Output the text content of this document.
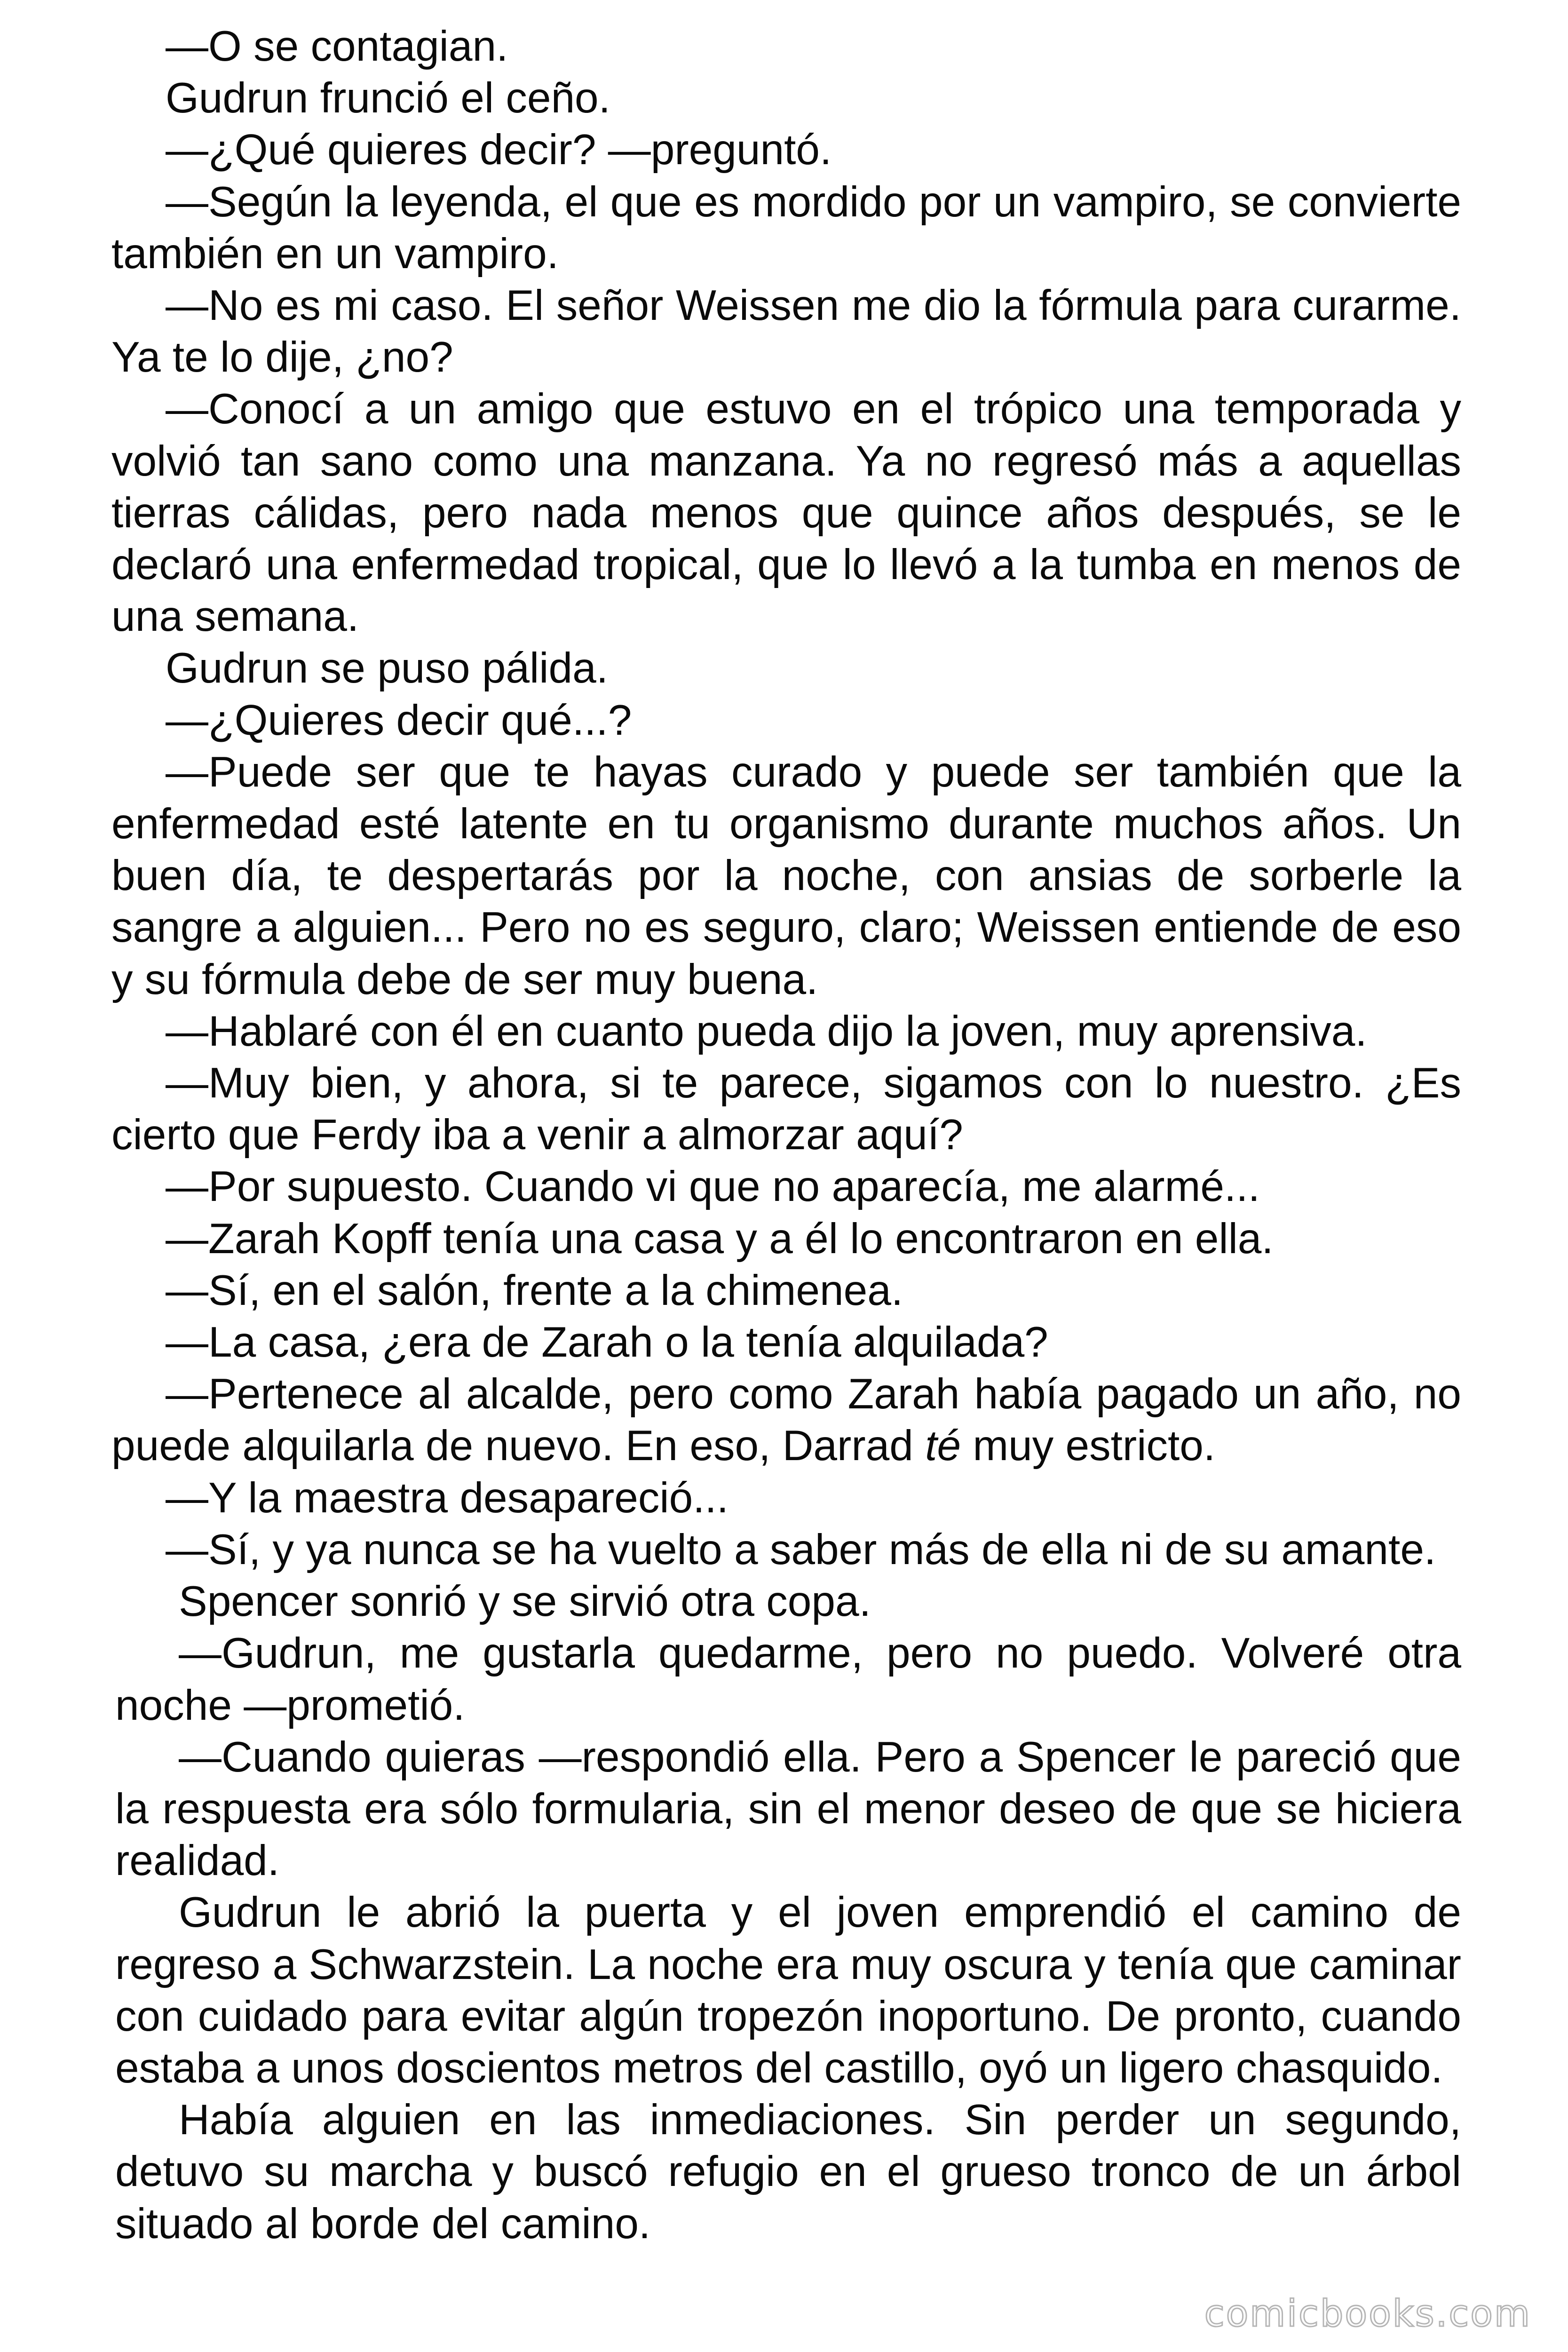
—O se contagian.

Gudrun frunció el ceño.

—¿Qué quieres decir? —preguntó.

—Según la leyenda, el que es mordido por un vampiro, se convierte también en un vampiro.

—No es mi caso. El señor Weissen me dio la fórmula para curarme. Ya te lo dije, ¿no?

—Conocí a un amigo que estuvo en el trópico una temporada y volvió tan sano como una manzana. Ya no regresó más a aquellas tierras cálidas, pero nada menos que quince años después, se le declaró una enfermedad tropical, que lo llevó a la tumba en menos de una semana.

Gudrun se puso pálida.

—¿Quieres decir qué...?

—Puede ser que te hayas curado y puede ser también que la enfermedad esté latente en tu organismo durante muchos años. Un buen día, te despertarás por la noche, con ansias de sorberle la sangre a alguien... Pero no es seguro, claro; Weissen entiende de eso y su fórmula debe de ser muy buena.

—Hablaré con él en cuanto pueda dijo la joven, muy aprensiva.

—Muy bien, y ahora, si te parece, sigamos con lo nuestro. ¿Es cierto que Ferdy iba a venir a almorzar aquí?

—Por supuesto. Cuando vi que no aparecía, me alarmé...

—Zarah Kopff tenía una casa y a él lo encontraron en ella.

—Sí, en el salón, frente a la chimenea.

—La casa, ¿era de Zarah o la tenía alquilada?

—Pertenece al alcalde, pero como Zarah había pagado un año, no puede alquilarla de nuevo. En eso, Darrad té muy estricto.

—Y la maestra desapareció...

—Sí, y ya nunca se ha vuelto a saber más de ella ni de su amante.

Spencer sonrió y se sirvió otra copa.

—Gudrun, me gustarla quedarme, pero no puedo. Volveré otra noche —prometió.

—Cuando quieras —respondió ella. Pero a Spencer le pareció que la respuesta era sólo formularia, sin el menor deseo de que se hiciera realidad.

Gudrun le abrió la puerta y el joven emprendió el camino de regreso a Schwarzstein. La noche era muy oscura y tenía que caminar con cuidado para evitar algún tropezón inoportuno. De pronto, cuando estaba a unos doscientos metros del castillo, oyó un ligero chasquido.

Había alguien en las inmediaciones. Sin perder un segundo, detuvo su marcha y buscó refugio en el grueso tronco de un árbol situado al borde del camino.

comicbooks.com
